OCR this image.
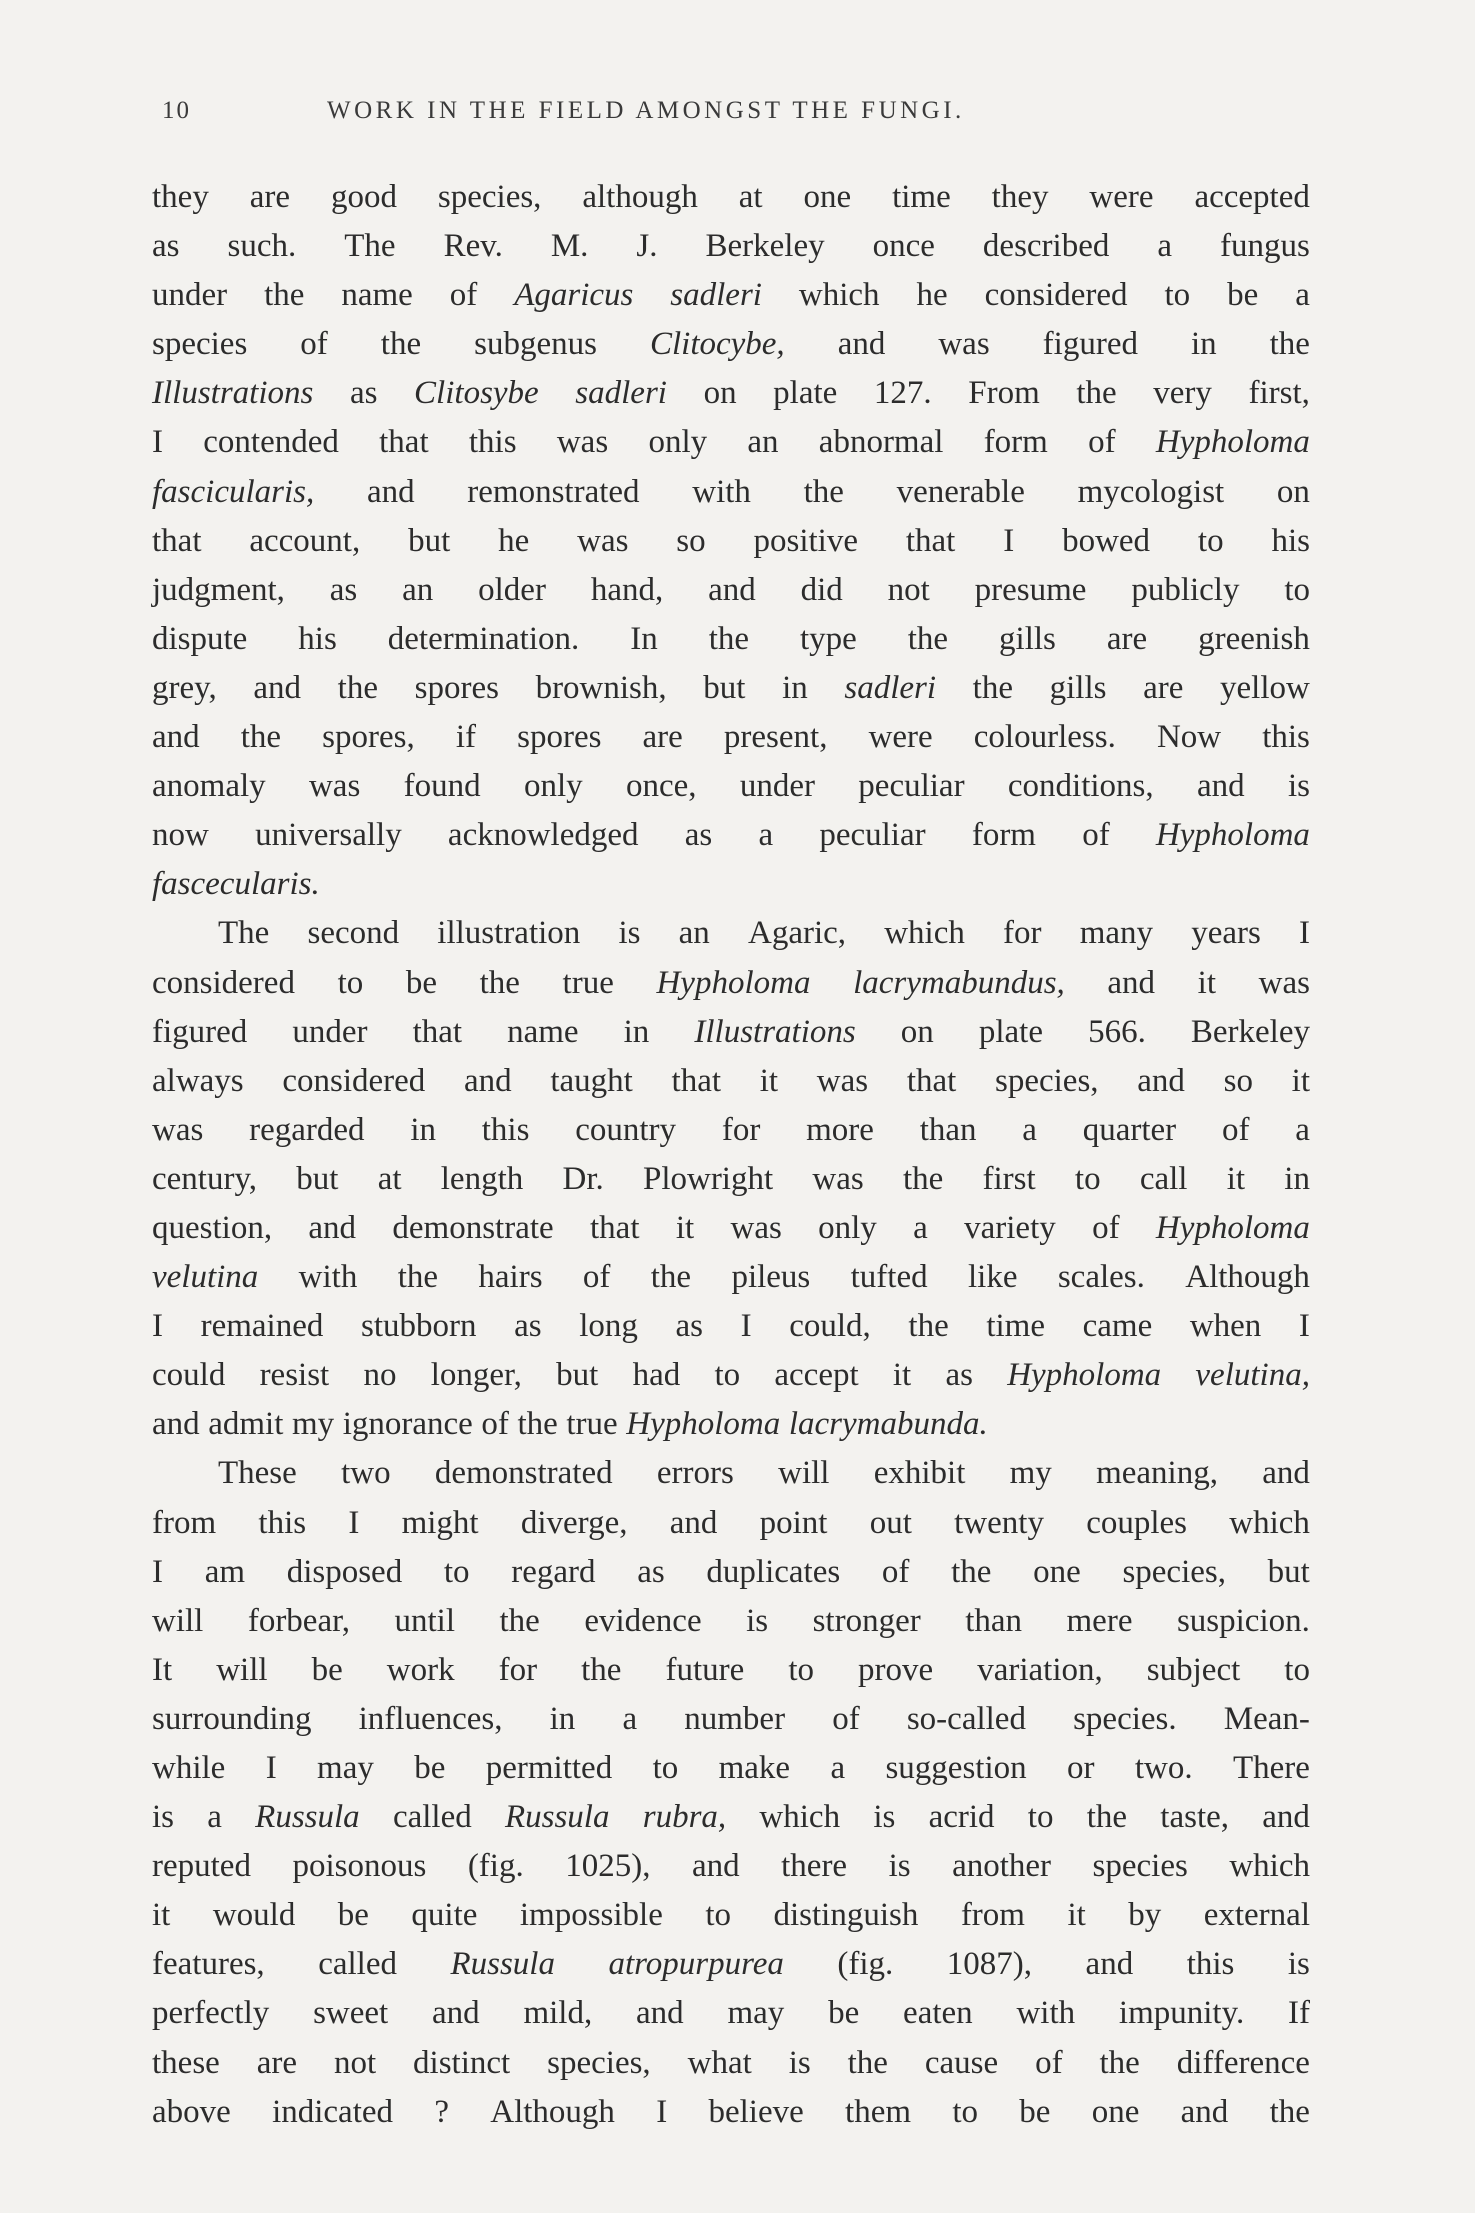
10	WORK IN THE FIELD AMONGST THE FUNGI.
they are good species, although at one time they were accepted
as such. The Rev. M. J. Berkeley once described a fungus
under the name of Agaricus sadleri which he considered to be a
species of the subgenus Clitocybe, and was figured in the
Illustrations as Clitosybe sadleri on plate 127. From the very first,
I contended that this was only an abnormal form of Hypholoma
fascicularis, and remonstrated with the venerable mycologist on
that account, but he was so positive that I bowed to his
judgment, as an older hand, and did not presume publicly to
dispute his determination. In the type the gills are greenish
grey, and the spores brownish, but in sadleri the gills are yellow
and the spores, if spores are present, were colourless. Now this
anomaly was found only once, under peculiar conditions, and is
now universally acknowledged as a peculiar form of Hypholoma
fascecularis.
The second illustration is an Agaric, which for many years I
considered to be the true Hypholoma lacrymabundus, and it was
figured under that name in Illustrations on plate 566. Berkeley
always considered and taught that it was that species, and so it
was regarded in this country for more than a quarter of a
century, but at length Dr. Plowright was the first to call it in
question, and demonstrate that it was only a variety of Hypholoma
velutina with the hairs of the pileus tufted like scales. Although
I remained stubborn as long as I could, the time came when I
could resist no longer, but had to accept it as Hypholoma velutina,
and admit my ignorance of the true Hypholoma lacrymabunda.
These two demonstrated errors will exhibit my meaning, and
from this I might diverge, and point out twenty couples which
I am disposed to regard as duplicates of the one species, but
will forbear, until the evidence is stronger than mere suspicion.
It will be work for the future to prove variation, subject to
surrounding influences, in a number of so-called species. Mean-
while I may be permitted to make a suggestion or two. There
is a Russula called Russula rubra, which is acrid to the taste, and
reputed poisonous (fig. 1025), and there is another species which
it would be quite impossible to distinguish from it by external
features, called Russula atropurpurea (fig. 1087), and this is
perfectly sweet and mild, and may be eaten with impunity. If
these are not distinct species, what is the cause of the difference
above indicated ? Although I believe them to be one and the
